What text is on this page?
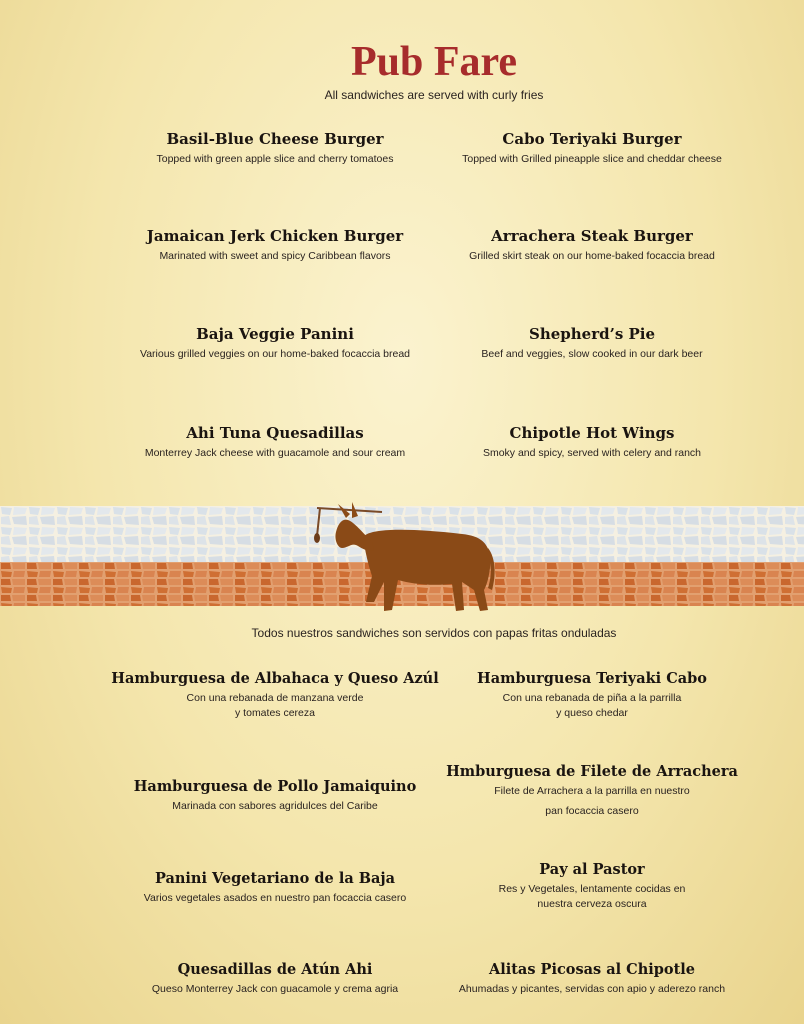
Pub Fare
All sandwiches are served with curly fries
Basil-Blue Cheese Burger
Topped with green apple slice and cherry tomatoes
Cabo Teriyaki Burger
Topped with Grilled pineapple slice and cheddar cheese
Jamaican Jerk Chicken Burger
Marinated with sweet and spicy Caribbean flavors
Arrachera Steak Burger
Grilled skirt steak on our home-baked focaccia bread
Baja Veggie Panini
Various grilled veggies on our home-baked focaccia bread
Shepherd’s Pie
Beef and veggies, slow cooked in our dark beer
Ahi Tuna Quesadillas
Monterrey Jack cheese with guacamole and sour cream
Chipotle Hot Wings
Smoky and spicy, served with celery and ranch
Todos nuestros sandwiches son servidos con papas fritas onduladas
Hamburguesa de Albahaca y Queso Azúl
Con una rebanada de manzana verde
y tomates cereza
Hamburguesa Teriyaki Cabo
Con una rebanada de piña a la parrilla
y queso chedar
Hamburguesa de Pollo Jamaiquino
Marinada con sabores agridulces del Caribe
Hmburguesa de Filete de Arrachera
Filete de Arrachera a la parrilla en nuestro
pan focaccia casero
Panini Vegetariano de la Baja
Varios vegetales asados en nuestro pan focaccia casero
Pay al Pastor
Res y Vegetales, lentamente cocidas en
nuestra cerveza oscura
Quesadillas de Atún Ahi
Queso Monterrey Jack con guacamole y crema agria
Alitas Picosas al Chipotle
Ahumadas y picantes, servidas con apio y aderezo ranch
